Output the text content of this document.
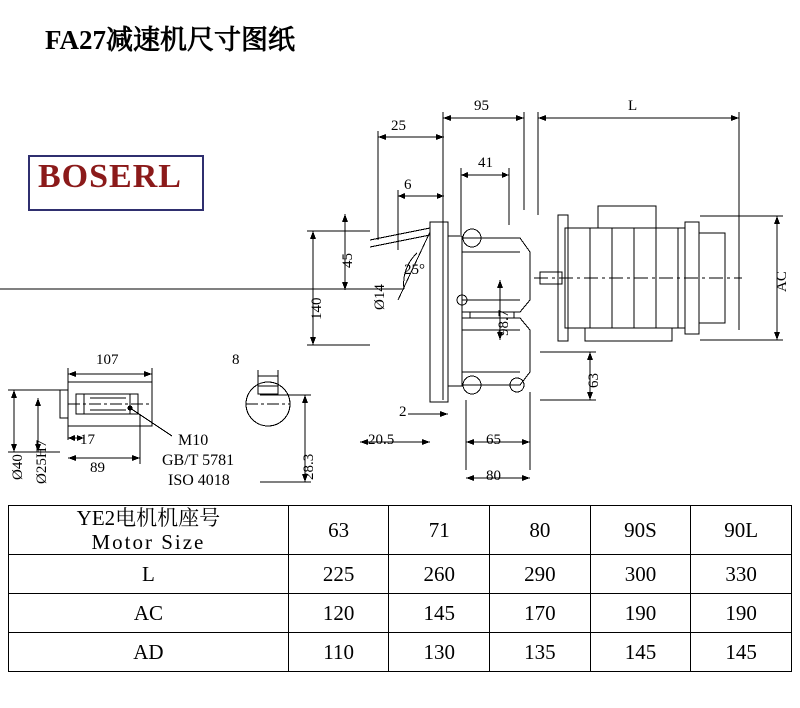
FA27减速机尺寸图纸
BOSERL
95	L
25
41
6
45
140	Ø14
25°
98.7
AC
63
2
20.5	65
80
28.3
107	8
17
89
Ø40 Ø25H7	M10
GB/T 5781
ISO 4018
YE2电机机座号
Motor Size	63	71	80	90S	90L
L	225	260	290	300	330
AC	120	145	170	190	190
AD	110	130	135	145	145
